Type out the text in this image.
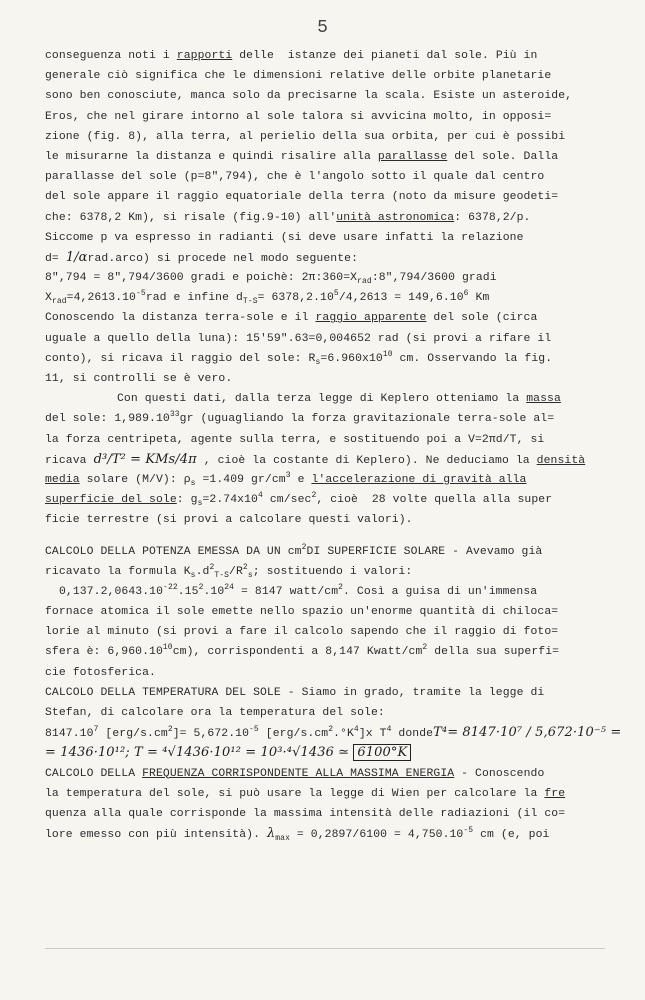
5
conseguenza noti i rapporti delle  istanze dei pianeti dal sole. Più in
generale ciò significa che le dimensioni relative delle orbite planetarie
sono ben conosciute, manca solo da precisarne la scala. Esiste un asteroide,
Eros, che nel girare intorno al sole talora si avvicina molto, in opposi=
zione (fig. 8), alla terra, al perielio della sua orbita, per cui è possibi
le misurarne la distanza e quindi risalire alla parallasse del sole. Dalla
parallasse del sole (p=8",794), che è l'angolo sotto il quale dal centro
del sole appare il raggio equatoriale della terra (noto da misure geodeti=
che: 6378,2 Km), si risale (fig.9-10) all'unità astronomica: 6378,2/p.
Siccome p va espresso in radianti (si deve usare infatti la relazione
d= 1/αrad.arco) si procede nel modo seguente:
8",794 = 8",794/3600 gradi e poichè: $2\pi:360=X_{rad}:8",794/3600$ gradi
$X_{rad}=4,2613.10^{-5}rad$ e infine $d_{T-S}= 6378,2.10^5/4,2613 = 149,6.10^6$ Km
Conoscendo la distanza terra-sole e il raggio apparente del sole (circa
uguale a quello della luna): 15'59".63=0,004652 rad (si provi a rifare il
conto), si ricava il raggio del sole: $R_s=6.960x10^{10}$ cm. Osservando la fig.
11, si controlli se è vero.
Con questi dati, dalla terza legge di Keplero otteniamo la massa
del sole: 1,989.10$^{33}$gr (uguagliando la forza gravitazionale terra-sole al=
la forza centripeta, agente sulla terra, e sostituendo poi a V=2πd/T, si
ricava d³/T² = KMs/4π , cioè la costante di Keplero). Ne deduciamo la densità
media solare (M/V): $\rho_s =1.409$ $gr/cm^3$ e l'accelerazione di gravità alla
superficie del sole: $g_s=2.74x10^4$ $cm/\sec^2$, cioè  28 volte quella alla super
ficie terrestre (si provi a calcolare questi valori).
CALCOLO DELLA POTENZA EMESSA DA UN $cm^2DI$ SUPERFICIE SOLARE - Avevamo già
ricavato la formula $K_s.d^2_{T-S}/R^2_s$; sostituendo i valori:
$0,137.2,0643.10^{-22}.15^2.10^{24} = 8147$ watt/$cm^2$. Così a guisa di un'immensa
fornace atomica il sole emette nello spazio un'enorme quantità di chiloca=
lorie al minuto (si provi a fare il calcolo sapendo che il raggio di foto=
sfera è: 6,960.10$^{10}$cm), corrispondenti a 8,147 Kwatt/$cm^2$ della sua superfi=
cie fotosferica.
CALCOLO DELLA TEMPERATURA DEL SOLE - Siamo in grado, tramite la legge di
Stefan, di calcolare ora la temperatura del sole:
8147.10$^7$ $[erg/s.cm^2]= 5,672.10^{-5}$ $[erg/s.cm^2.^\circ K^4]x$ $T^4$ dondeT⁴= 8147·10⁷ / 5,672·10⁻⁵ =
= 1436·10¹²; T = ⁴√1436·10¹² = 10³·⁴√1436 ≃ 6100°K
CALCOLO DELLA FREQUENZA CORRISPONDENTE ALLA MASSIMA ENERGIA - Conoscendo
la temperatura del sole, si può usare la legge di Wien per calcolare la fre
quenza alla quale corrisponde la massima intensità delle radiazioni (il co=
lore emesso con più intensità). $\lambda_{max} = 0,2897/6100 = 4,750.10^{-5}$ cm (e, poi
